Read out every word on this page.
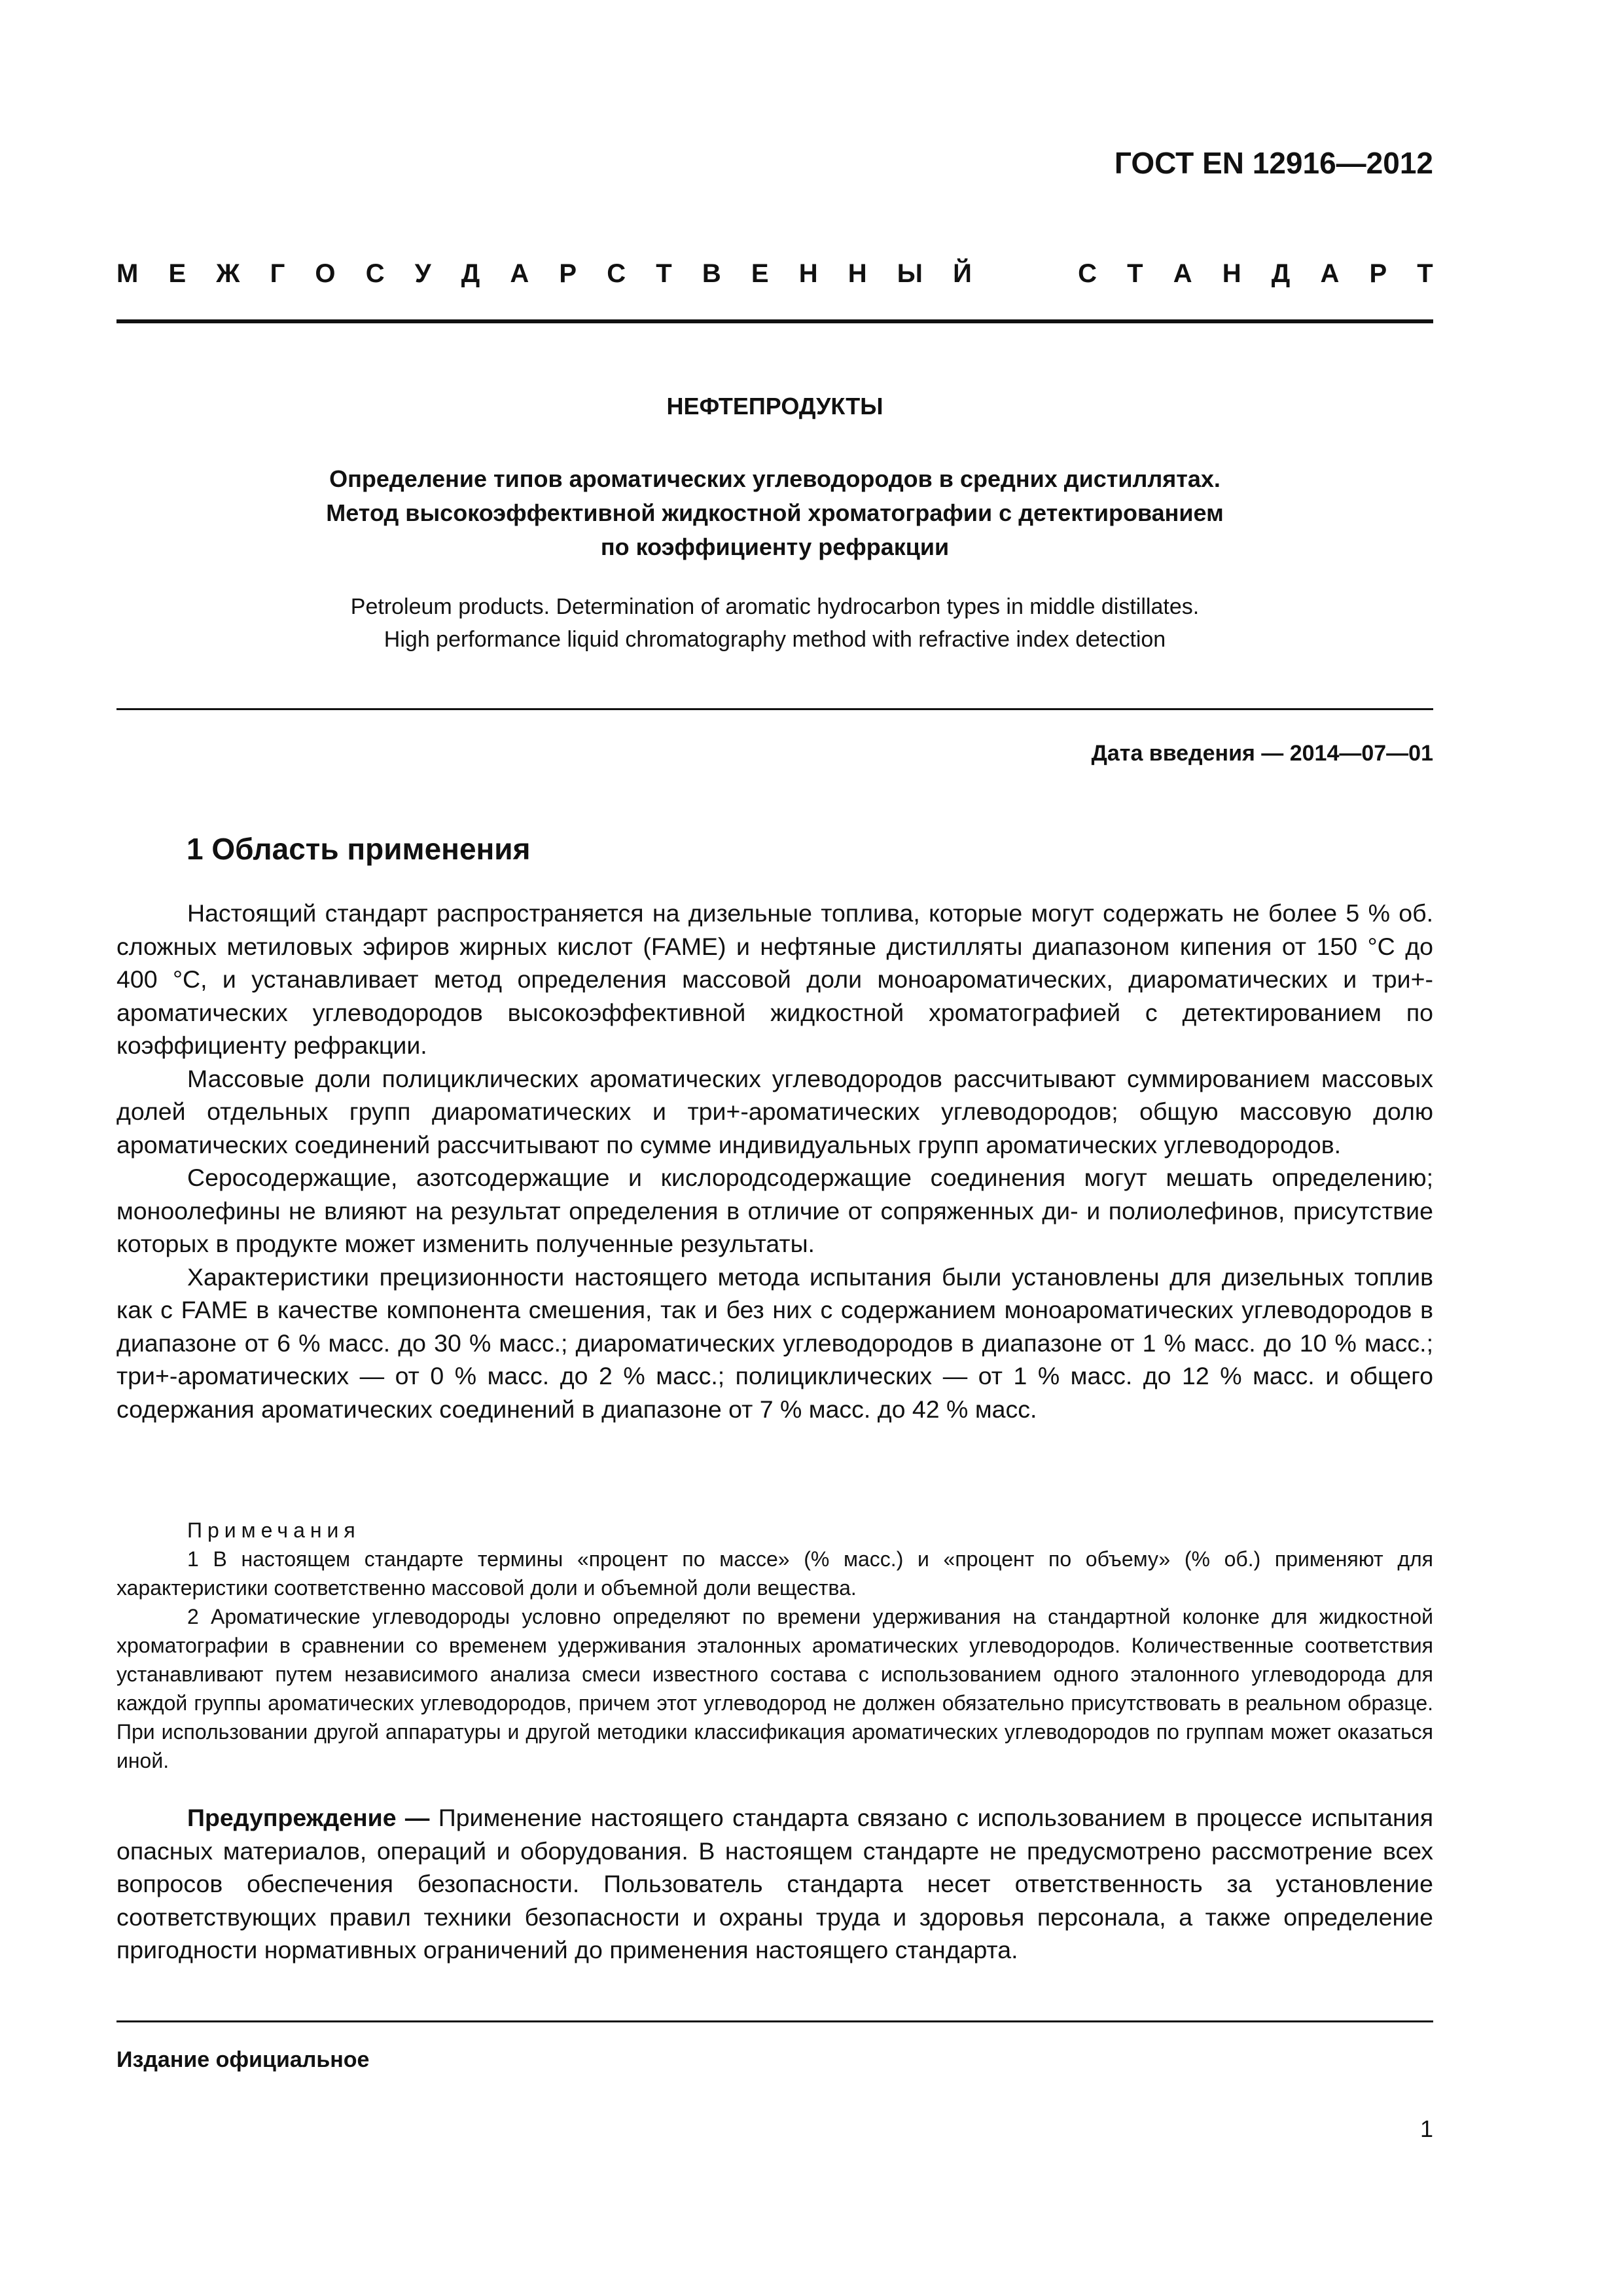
ГОСТ EN 12916—2012

М Е Ж Г О С У Д А Р С Т В Е Н Н Ы Й	С Т А Н Д А Р Т

НЕФТЕПРОДУКТЫ

Определение типов ароматических углеводородов в средних дистиллятах.
Метод высокоэффективной жидкостной хроматографии с детектированием
по коэффициенту рефракции
Petroleum products. Determination of aromatic hydrocarbon types in middle distillates.
High performance liquid chromatography method with refractive index detection

Дата введения — 2014—07—01

1 Область применения

Настоящий стандарт распространяется на дизельные топлива, которые могут содержать не более 5 % об. сложных метиловых эфиров жирных кислот (FAME) и нефтяные дистилляты диапазоном кипения от 150 °C до 400 °C, и устанавливает метод определения массовой доли моноароматических, диароматических и три+-ароматических углеводородов высокоэффективной жидкостной хроматографией с детектированием по коэффициенту рефракции.

Массовые доли полициклических ароматических углеводородов рассчитывают суммированием массовых долей отдельных групп диароматических и три+-ароматических углеводородов; общую массовую долю ароматических соединений рассчитывают по сумме индивидуальных групп ароматических углеводородов.

Серосодержащие, азотсодержащие и кислородсодержащие соединения могут мешать определению; моноолефины не влияют на результат определения в отличие от сопряженных ди- и полиолефинов, присутствие которых в продукте может изменить полученные результаты.

Характеристики прецизионности настоящего метода испытания были установлены для дизельных топлив как с FAME в качестве компонента смешения, так и без них с содержанием моноароматических углеводородов в диапазоне от 6 % масс. до 30 % масс.; диароматических углеводородов в диапазоне от 1 % масс. до 10 % масс.; три+-ароматических — от 0 % масс. до 2 % масс.; полициклических — от 1 % масс. до 12 % масс. и общего содержания ароматических соединений в диапазоне от 7 % масс. до 42 % масс.

Примечания

1 В настоящем стандарте термины «процент по массе» (% масс.) и «процент по объему» (% об.) применяют для характеристики соответственно массовой доли и объемной доли вещества.

2 Ароматические углеводороды условно определяют по времени удерживания на стандартной колонке для жидкостной хроматографии в сравнении со временем удерживания эталонных ароматических углеводородов. Количественные соответствия устанавливают путем независимого анализа смеси известного состава с использованием одного эталонного углеводорода для каждой группы ароматических углеводородов, причем этот углеводород не должен обязательно присутствовать в реальном образце. При использовании другой аппаратуры и другой методики классификация ароматических углеводородов по группам может оказаться иной.

Предупреждение — Применение настоящего стандарта связано с использованием в процессе испытания опасных материалов, операций и оборудования. В настоящем стандарте не предусмотрено рассмотрение всех вопросов обеспечения безопасности. Пользователь стандарта несет ответственность за установление соответствующих правил техники безопасности и охраны труда и здоровья персонала, а также определение пригодности нормативных ограничений до применения настоящего стандарта.

Издание официальное

1
